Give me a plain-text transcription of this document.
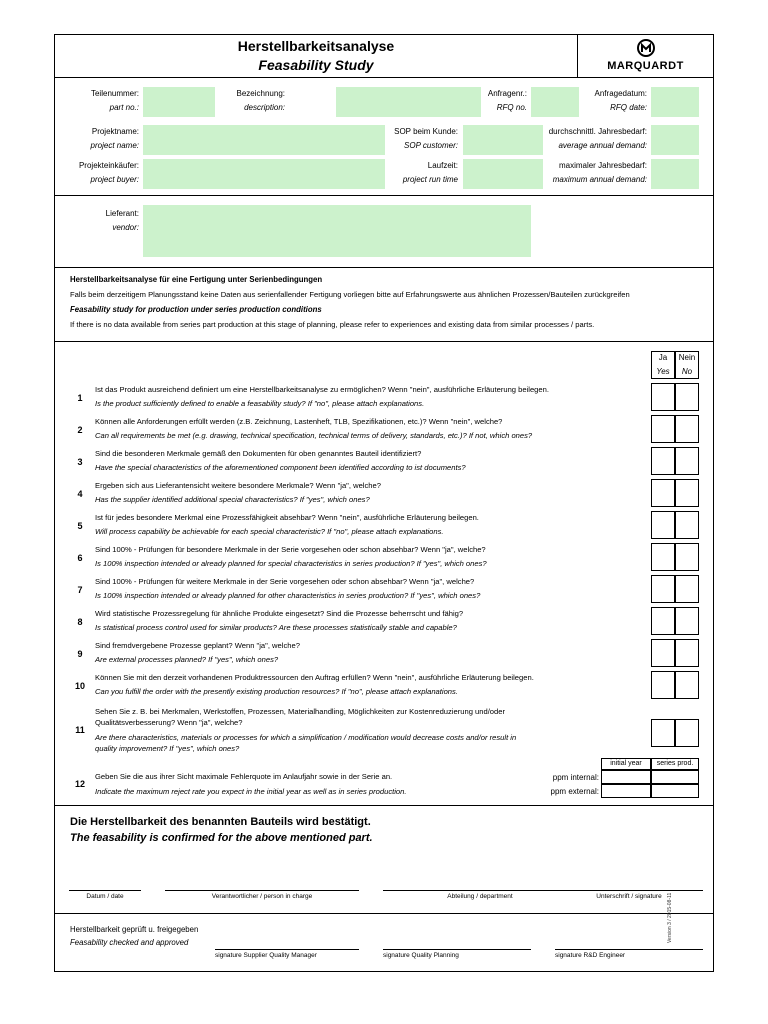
Herstellbarkeitsanalyse
Feasability Study	MARQUARDT
Teilenummer:
part no.:
Bezeichnung:
description:
Anfragenr.:
RFQ no.
Anfragedatum:
RFQ date:
Projektname:
project name:
SOP beim Kunde:
SOP customer:
durchschnittl. Jahresbedarf:
average annual demand:
Projekteinkäufer:
project buyer:
Laufzeit:
project run time
maximaler Jahresbedarf:
maximum annual demand:
Lieferant:
vendor:
Herstellbarkeitsanalyse für eine Fertigung unter Serienbedingungen
Falls beim derzeitigem Planungsstand keine Daten aus serienfallender Fertigung vorliegen bitte auf Erfahrungswerte aus ähnlichen Prozessen/Bauteilen zurückgreifen
Feasability study for production under series production conditions
If there is no data available from series part production at this stage of planning, please refer to experiences and existing data from similar processes / parts.
Ja	Nein
Yes	No
1
Ist das Produkt ausreichend definiert um eine Herstellbarkeitsanalyse zu ermöglichen? Wenn "nein", ausführliche Erläuterung beilegen.
Is the product sufficiently defined to enable a feasability study? If "no", please attach explanations.
2
Können alle Anforderungen erfüllt werden (z.B. Zeichnung, Lastenheft, TLB, Spezifikationen, etc.)? Wenn "nein", welche?
Can all requirements be met (e.g. drawing, technical specification, technical terms of delivery, standards, etc.)? If not, which ones?
3
Sind die besonderen Merkmale gemäß den Dokumenten für oben genanntes Bauteil identifiziert?
Have the special characteristics of the aforementioned component been identified according to ist documents?
4
Ergeben sich aus Lieferantensicht weitere besondere Merkmale? Wenn "ja", welche?
Has the supplier identified additional special characteristics? If "yes", which ones?
5
Ist für jedes besondere Merkmal eine Prozessfähigkeit absehbar? Wenn "nein", ausführliche Erläuterung beilegen.
Will process capability be achievable for each special characteristic? If "no", please attach explanations.
6
Sind 100% - Prüfungen für besondere Merkmale in der Serie vorgesehen oder schon absehbar? Wenn "ja", welche?
Is 100% inspection intended or already planned for special characteristics in series production? If "yes", which ones?
7
Sind 100% - Prüfungen für weitere Merkmale in der Serie vorgesehen oder schon absehbar? Wenn "ja", welche?
Is 100% inspection intended or already planned for other characteristics in series production? If "yes", which ones?
8
Wird statistische Prozessregelung für ähnliche Produkte eingesetzt? Sind die Prozesse beherrscht und fähig?
Is statistical process control used for similar products? Are these processes statistically stable and capable?
9
Sind fremdvergebene Prozesse geplant? Wenn "ja", welche?
Are external processes planned? If "yes", which ones?
10
Können Sie mit den derzeit vorhandenen Produktressourcen den Auftrag erfüllen? Wenn "nein", ausführliche Erläuterung beilegen.
Can you fulfill the order with the presently existing production resources? If "no", please attach explanations.
11
Sehen Sie z. B. bei Merkmalen, Werkstoffen, Prozessen, Materialhandling, Möglichkeiten zur Kostenreduzierung und/oder
Qualitätsverbesserung? Wenn "ja", welche?
Are there characteristics, materials or processes for which a simplification / modification would decrease costs and/or result in
quality improvement? If "yes", which ones?
12
Geben Sie die aus ihrer Sicht maximale Fehlerquote im Anlaufjahr sowie in der Serie an.
Indicate the maximum reject rate you expect in the initial year as well as in series production.
initial year	series prod.
ppm internal:
ppm external:
Die Herstellbarkeit des benannten Bauteils wird bestätigt.
The feasability is confirmed for the above mentioned part.
Datum / date	Verantwortlicher / person in charge	Abteilung / department	Unterschrift / signature
Herstellbarkeit geprüft u. freigegeben
Feasability checked and approved
signature Supplier Quality Manager	signature Quality Planning	signature R&D Engineer
Version 3 / 2015-08-11
